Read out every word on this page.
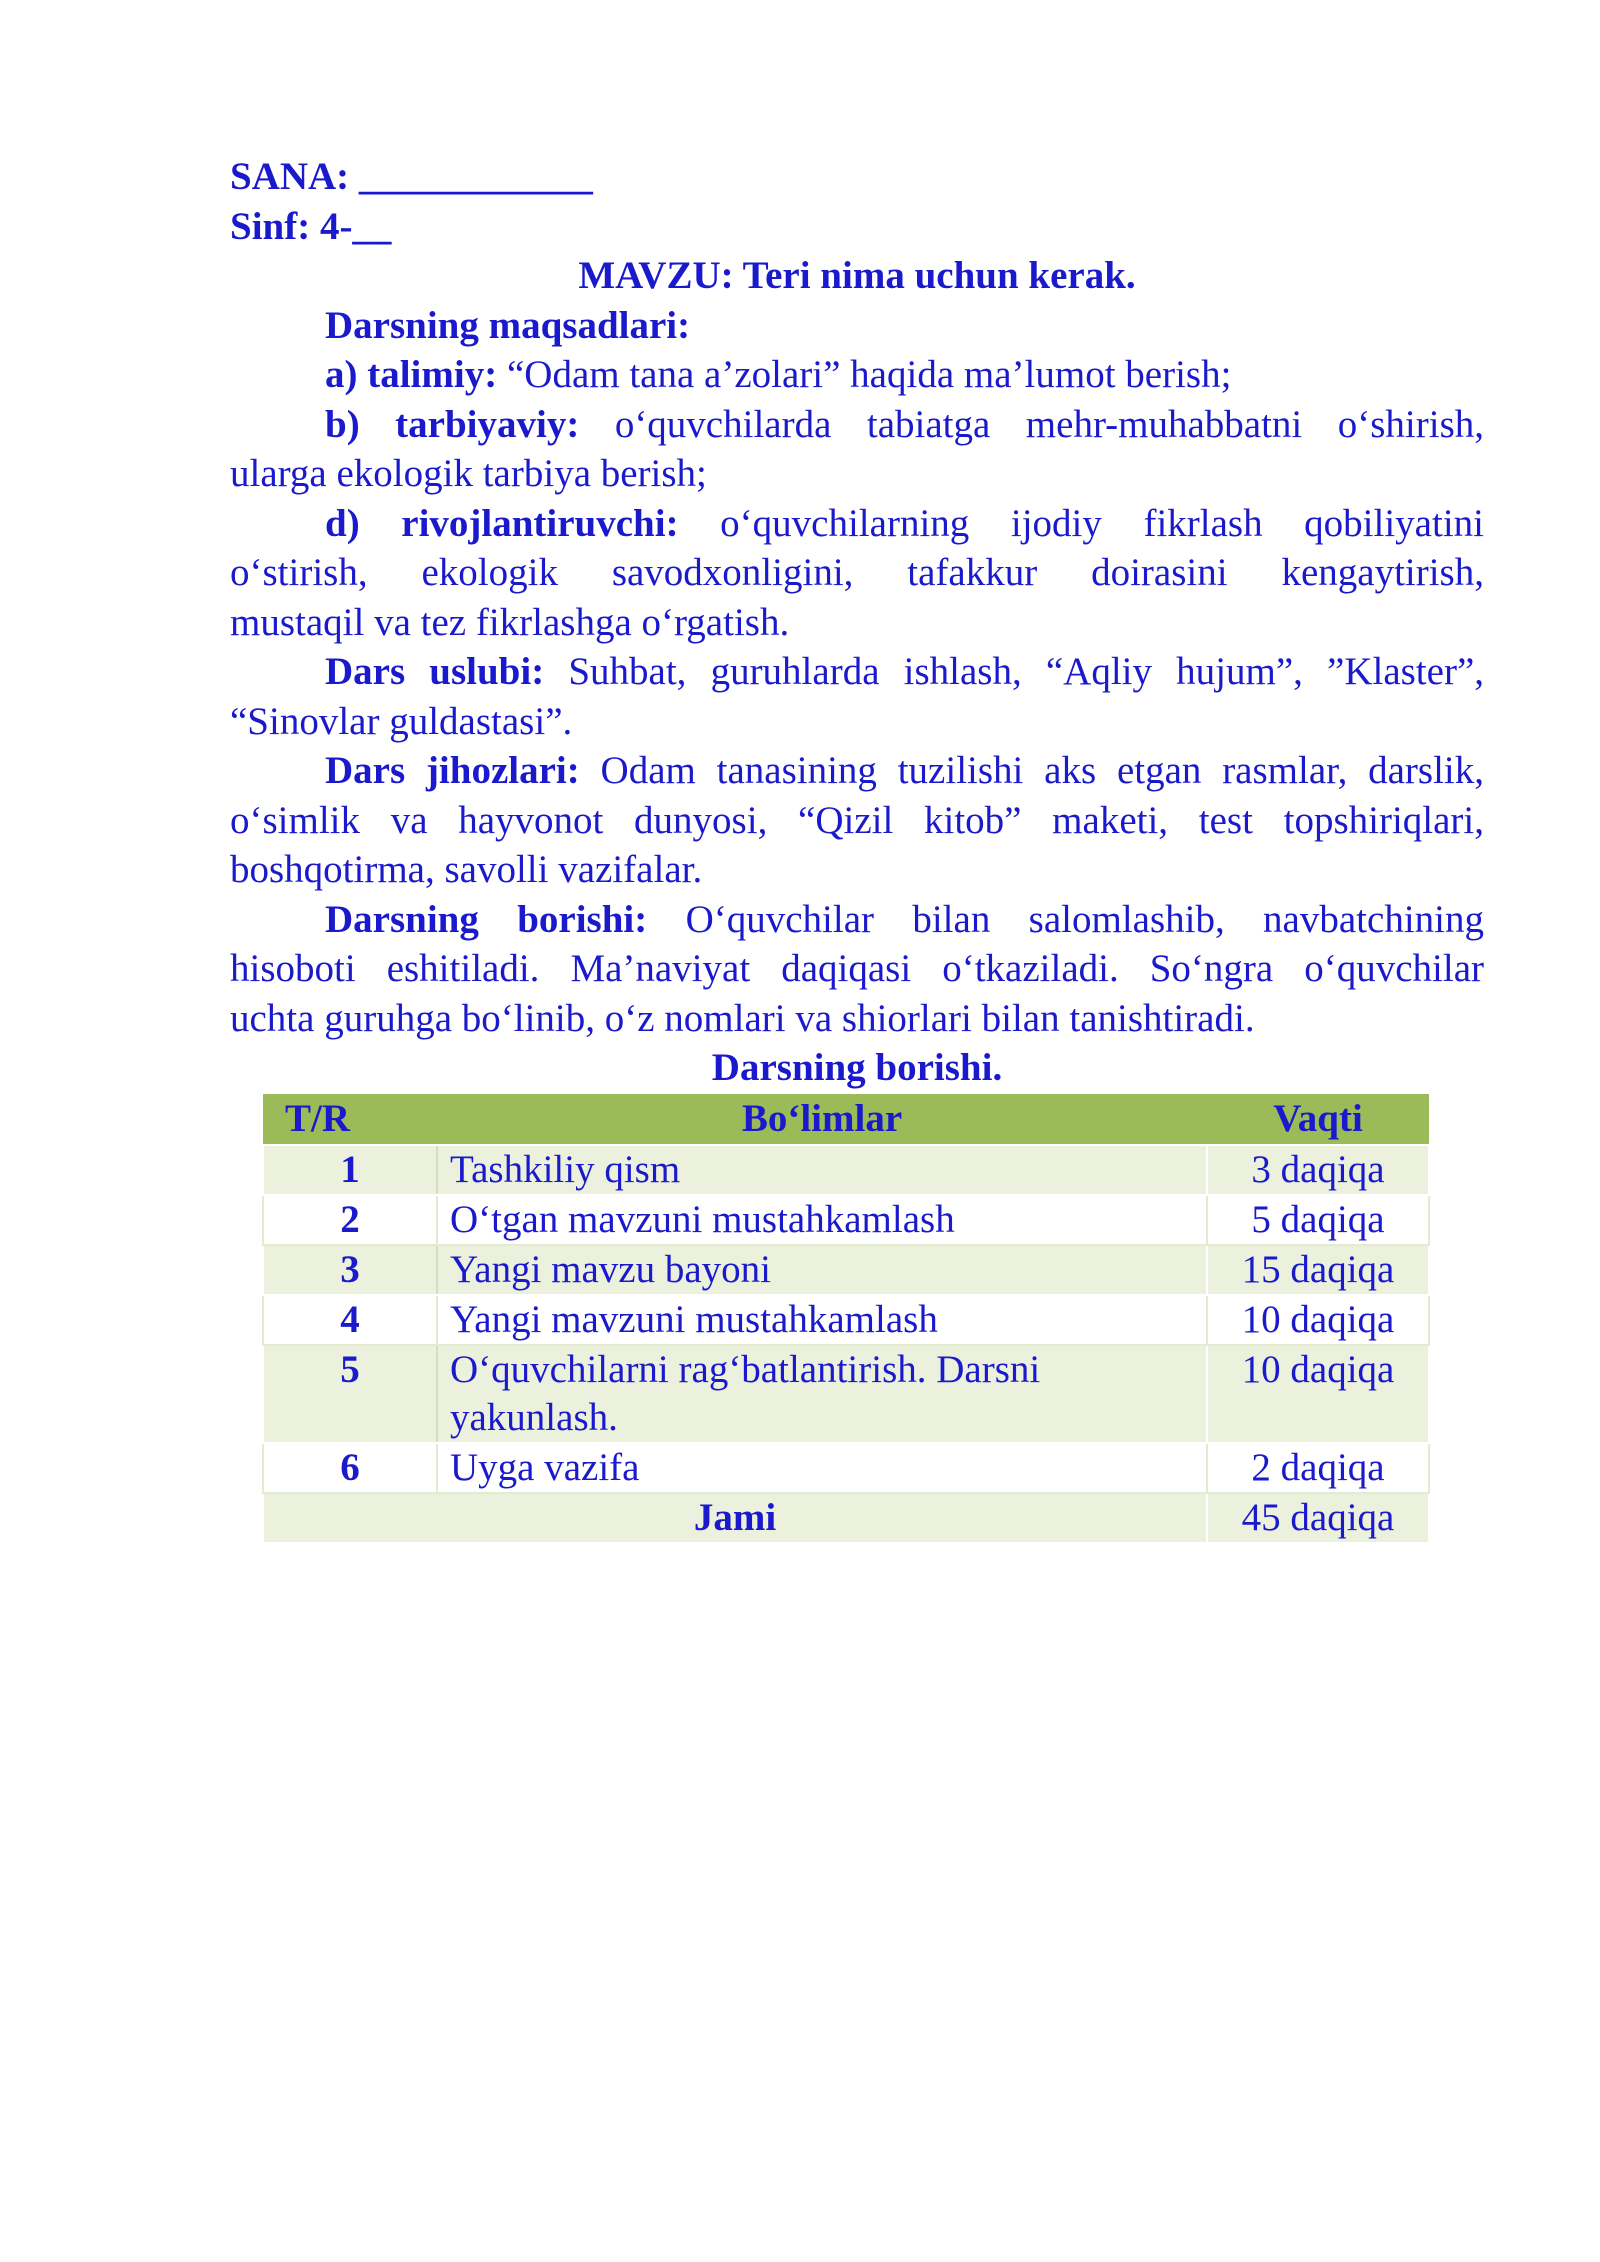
SANA: ____________
Sinf: 4-__
MAVZU: Teri nima uchun kerak.
Darsning maqsadlari:
a) talimiy: “Odam tana a’zolari” haqida ma’lumot berish;
b) tarbiyaviy: o‘quvchilarda tabiatga mehr-muhabbatni o‘shirish,
ularga ekologik tarbiya berish;
d) rivojlantiruvchi: o‘quvchilarning ijodiy fikrlash qobiliyatini
o‘stirish, ekologik savodxonligini, tafakkur doirasini kengaytirish,
mustaqil va tez fikrlashga o‘rgatish.
Dars uslubi: Suhbat, guruhlarda ishlash, “Aqliy hujum”, ”Klaster”,
“Sinovlar guldastasi”.
Dars jihozlari: Odam tanasining tuzilishi aks etgan rasmlar, darslik,
o‘simlik va hayvonot dunyosi, “Qizil kitob” maketi, test topshiriqlari,
boshqotirma, savolli vazifalar.
Darsning borishi: O‘quvchilar bilan salomlashib, navbatchining
hisoboti eshitiladi. Ma’naviyat daqiqasi o‘tkaziladi. So‘ngra o‘quvchilar
uchta guruhga bo‘linib, o‘z nomlari va shiorlari bilan tanishtiradi.
Darsning borishi.
T/R	Bo‘limlar	Vaqti
1	Tashkiliy qism	3 daqiqa
2	O‘tgan mavzuni mustahkamlash	5 daqiqa
3	Yangi mavzu bayoni	15 daqiqa
4	Yangi mavzuni mustahkamlash	10 daqiqa
5	O‘quvchilarni rag‘batlantirish. Darsni yakunlash.	10 daqiqa
6	Uyga vazifa	2 daqiqa
Jami		45 daqiqa
